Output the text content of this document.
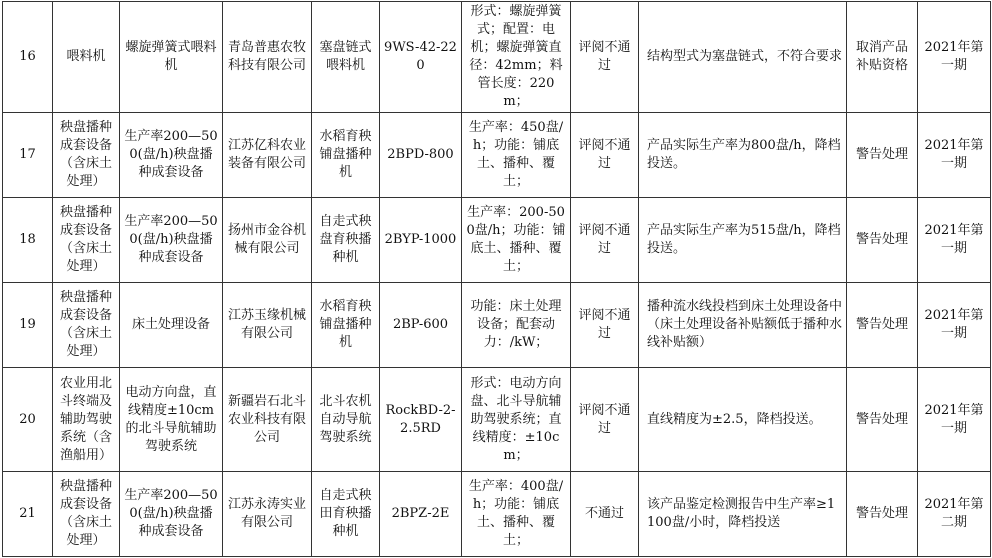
16	喂料机	螺旋弹簧式喂料机	青岛普惠农牧科技有限公司	塞盘链式喂料机	9WS-42-220	形式：螺旋弹簧式；配置：电机；螺旋弹簧直径：42mm；料管长度：220m；	评阅不通过	结构型式为塞盘链式，不符合要求	取消产品补贴资格	2021年第一期
17	秧盘播种成套设备（含床土处理）	生产率200—500(盘/h)秧盘播种成套设备	江苏亿科农业装备有限公司	水稻育秧铺盘播种机	2BPD-800	生产率：450盘/h；功能：铺底土、播种、覆土；	评阅不通过	产品实际生产率为800盘/h，降档投送。	警告处理	2021年第一期
18	秧盘播种成套设备（含床土处理）	生产率200—500(盘/h)秧盘播种成套设备	扬州市金谷机械有限公司	自走式秧盘育秧播种机	2BYP-1000	生产率：200-500盘/h；功能：铺底土、播种、覆土；	评阅不通过	产品实际生产率为515盘/h，降档投送。	警告处理	2021年第一期
19	秧盘播种成套设备（含床土处理）	床土处理设备	江苏玉缘机械有限公司	水稻育秧铺盘播种机	2BP-600	功能：床土处理设备；配套动力：/kW；	评阅不通过	播种流水线投档到床土处理设备中（床土处理设备补贴额低于播种水线补贴额）	警告处理	2021年第一期
20	农业用北斗终端及辅助驾驶系统（含渔船用）	电动方向盘，直线精度±10cm的北斗导航辅助驾驶系统	新疆岩石北斗农业科技有限公司	北斗农机自动导航驾驶系统	RockBD-2-2.5RD	形式：电动方向盘、北斗导航辅助驾驶系统；直线精度：±10cm；	评阅不通过	直线精度为±2.5，降档投送。	警告处理	2021年第一期
21	秧盘播种成套设备（含床土处理）	生产率200—500(盘/h)秧盘播种成套设备	江苏永涛实业有限公司	自走式秧田育秧播种机	2BPZ-2E	生产率：400盘/h；功能：铺底土、播种、覆土；	不通过	该产品鉴定检测报告中生产率≥1100盘/小时，降档投送	警告处理	2021年第二期
